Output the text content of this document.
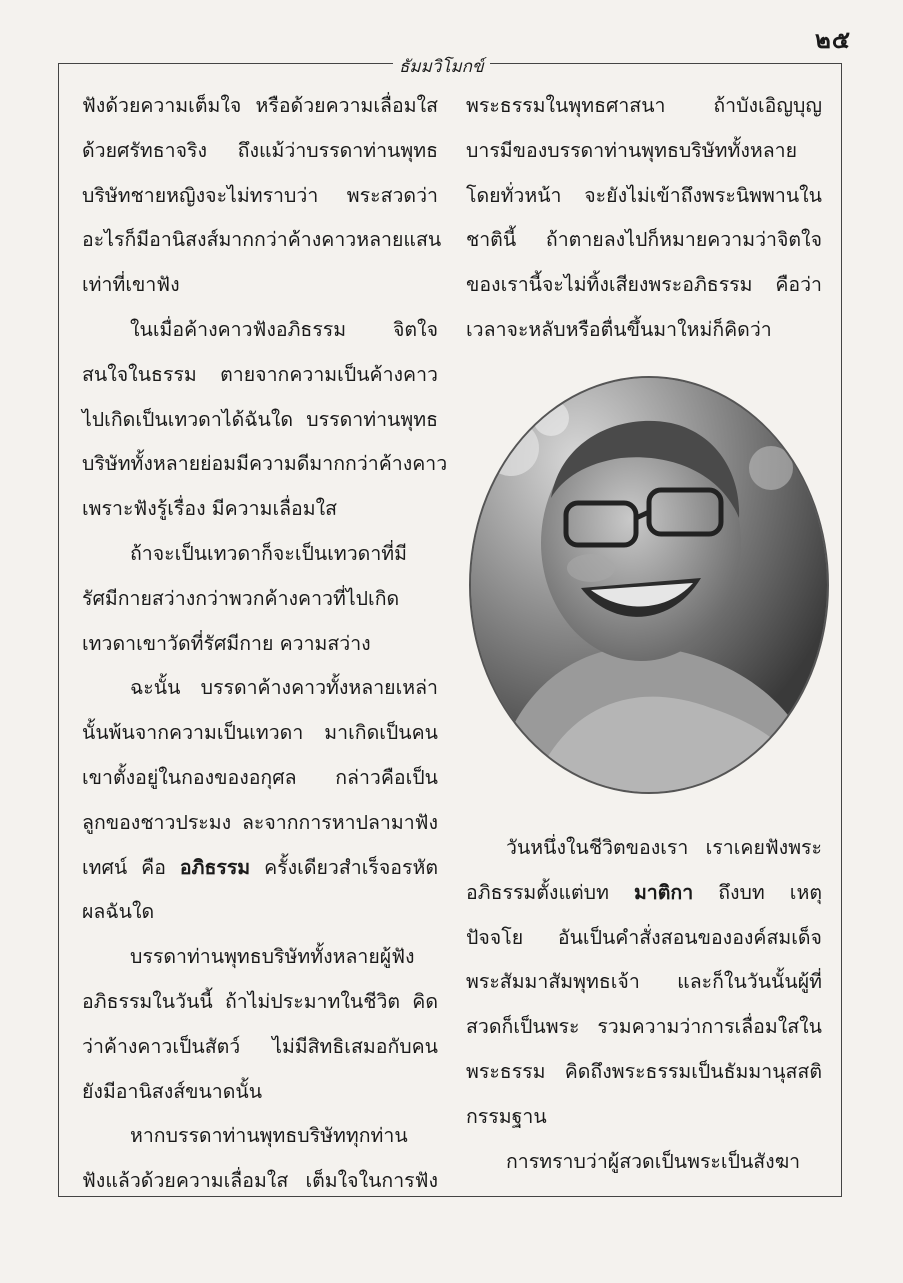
๒๕
ธัมมวิโมกข์
ฟังด้วยความเต็มใจ หรือด้วยความเลื่อมใส
ด้วยศรัทธาจริง ถึงแม้ว่าบรรดาท่านพุทธ
บริษัทชายหญิงจะไม่ทราบว่า พระสวดว่า
อะไรก็มีอานิสงส์มากกว่าค้างคาวหลายแสน
เท่าที่เขาฟัง
ในเมื่อค้างคาวฟังอภิธรรม จิตใจ
สนใจในธรรม ตายจากความเป็นค้างคาว
ไปเกิดเป็นเทวดาได้ฉันใด บรรดาท่านพุทธ
บริษัททั้งหลายย่อมมีความดีมากกว่าค้างคาว
เพราะฟังรู้เรื่อง มีความเลื่อมใส
ถ้าจะเป็นเทวดาก็จะเป็นเทวดาที่มี
รัศมีกายสว่างกว่าพวกค้างคาวที่ไปเกิด
เทวดาเขาวัดที่รัศมีกาย ความสว่าง
ฉะนั้น บรรดาค้างคาวทั้งหลายเหล่า
นั้นพ้นจากความเป็นเทวดา มาเกิดเป็นคน
เขาตั้งอยู่ในกองของอกุศล กล่าวคือเป็น
ลูกของชาวประมง ละจากการหาปลามาฟัง
เทศน์ คือ อภิธรรม ครั้งเดียวสำเร็จอรหัต
ผลฉันใด
บรรดาท่านพุทธบริษัททั้งหลายผู้ฟัง
อภิธรรมในวันนี้ ถ้าไม่ประมาทในชีวิต คิด
ว่าค้างคาวเป็นสัตว์ ไม่มีสิทธิเสมอกับคน
ยังมีอานิสงส์ขนาดนั้น
หากบรรดาท่านพุทธบริษัททุกท่าน
ฟังแล้วด้วยความเลื่อมใส เต็มใจในการฟัง
พระธรรมในพุทธศาสนา ถ้าบังเอิญบุญ
บารมีของบรรดาท่านพุทธบริษัททั้งหลาย
โดยทั่วหน้า จะยังไม่เข้าถึงพระนิพพานใน
ชาตินี้ ถ้าตายลงไปก็หมายความว่าจิตใจ
ของเรานี้จะไม่ทิ้งเสียงพระอภิธรรม คือว่า
เวลาจะหลับหรือตื่นขึ้นมาใหม่ก็คิดว่า
วันหนึ่งในชีวิตของเรา เราเคยฟังพระ
อภิธรรมตั้งแต่บท มาติกา ถึงบท เหตุ
ปัจจโย อันเป็นคำสั่งสอนขององค์สมเด็จ
พระสัมมาสัมพุทธเจ้า และก็ในวันนั้นผู้ที่
สวดก็เป็นพระ รวมความว่าการเลื่อมใสใน
พระธรรม คิดถึงพระธรรมเป็นธัมมานุสสติ
กรรมฐาน
การทราบว่าผู้สวดเป็นพระเป็นสังฆา
